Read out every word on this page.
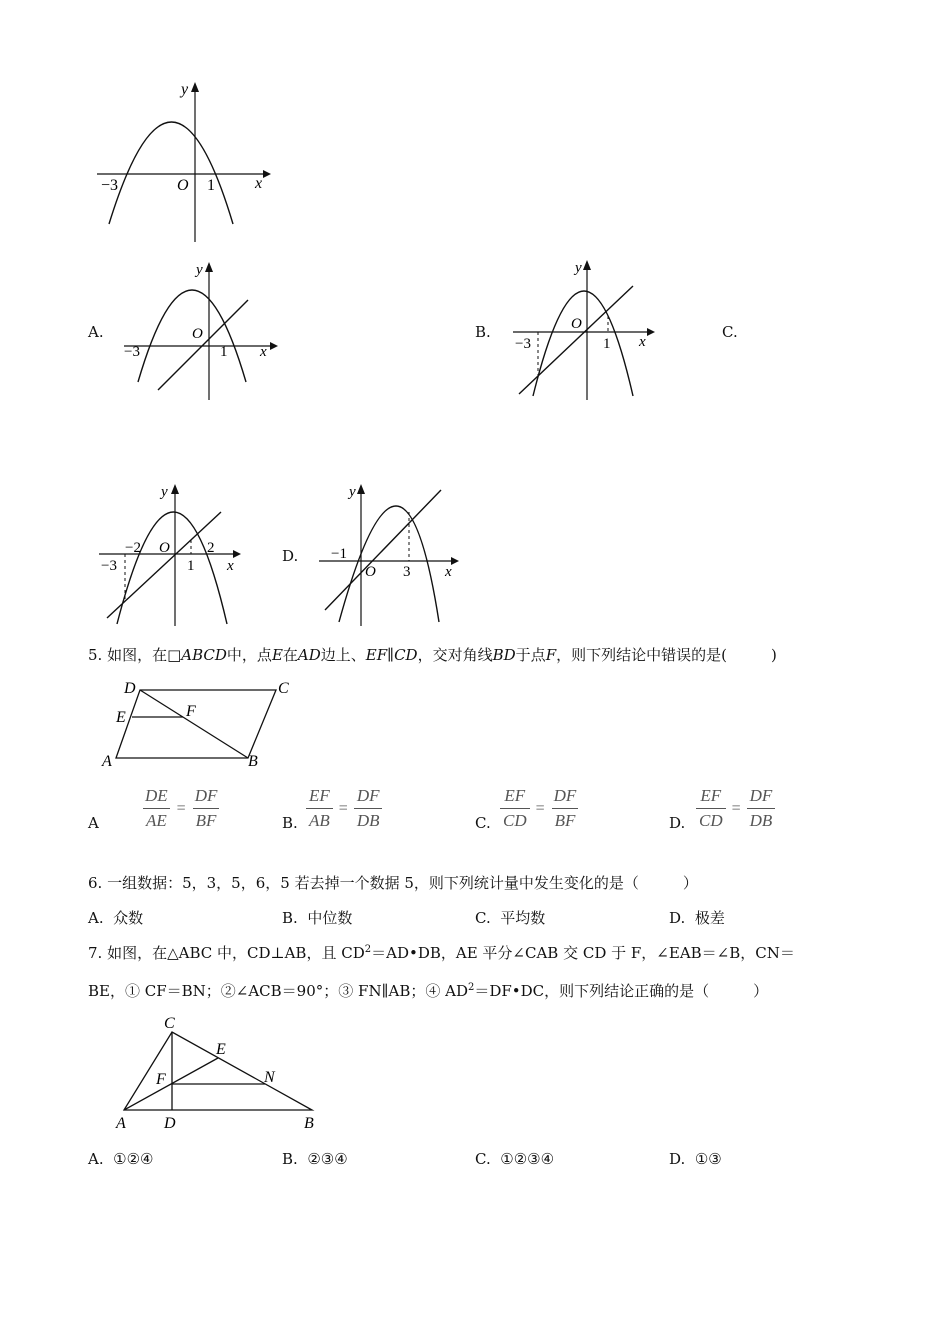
y
x
O
−3	1
A.
y
x
O
−3	1
B.
y
x
O
−3	1
C.
y
x
O
−3
−2	2
1
D.
y
x
O
−1
3
5. 如图，在□ABCD中，点E在AD边上、EF∥CD，交对角线BD于点F，则下列结论中错误的是(	)
D	C
E	F
A	B
A	$\frac{DE}{AE} = \frac{DF}{BF}$	B. $\frac{EF}{AB} = \frac{DF}{DB}$	C. $\frac{EF}{CD} = \frac{DF}{BF}$	D. $\frac{EF}{CD} = \frac{DF}{DB}$
6. 一组数据：5，3，5，6，5 若去掉一个数据 5，则下列统计量中发生变化的是（	）
A. 众数	B. 中位数	C. 平均数	D. 极差
7. 如图，在△ABC 中，CD⊥AB，且 $CD^2=AD•DB$，AE 平分∠CAB 交 CD 于 F，∠EAB＝∠B，CN＝
BE，① CF＝BN；②∠ACB＝90°；③ FN∥AB；④ $AD^2=DF•DC$，则下列结论正确的是（	）
C
E
F	N
A D	B
A. ①②④	B. ②③④	C. ①②③④	D. ①③
